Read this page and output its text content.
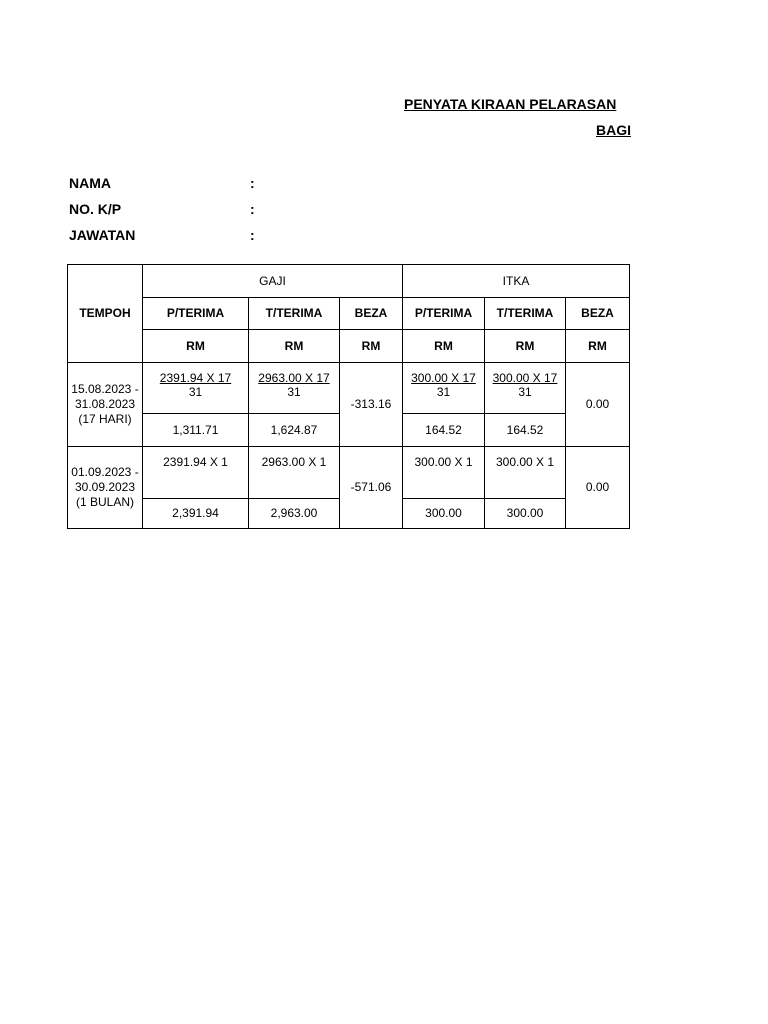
PENYATA KIRAAN PELARASAN
BAGI
NAMA	:
NO. K/P	:
JAWATAN	:
TEMPOH	GAJI			ITKA		
	P/TERIMA	T/TERIMA	BEZA	P/TERIMA	T/TERIMA	BEZA
	RM	RM	RM	RM	RM	RM
15.08.2023 - 31.08.2023 (17 HARI)	$\frac{2391.94 X 17}{31}$	$\frac{2963.00 X 17}{31}$	-313.16	$\frac{300.00 X 17}{31}$	$\frac{300.00 X 17}{31}$	0.00
	1,311.71	1,624.87		164.52	164.52	
01.09.2023 - 30.09.2023 (1 BULAN)	2391.94 X 1	2963.00 X 1	-571.06	300.00 X 1	300.00 X 1	0.00
	2,391.94	2,963.00		300.00	300.00	
